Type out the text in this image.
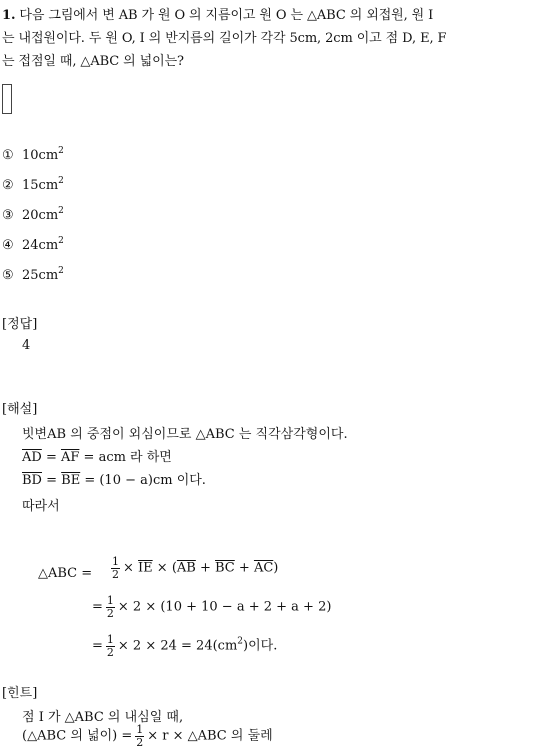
1. 다음 그림에서 변 AB 가 원 O 의 지름이고 원 O 는 △ABC 의 외접원, 원 I
는 내접원이다. 두 원 O, I 의 반지름의 길이가 각각 5cm, 2cm 이고 점 D, E, F
는 접점일 때, △ABC 의 넓이는?
① $10cm^2$
② $15cm^2$
③ $20cm^2$
④ $24cm^2$
⑤ $25cm^2$
[정답]
4
[해설]
빗변AB 의 중점이 외심이므로 △ABC 는 직각삼각형이다.
$\overline{AD} = \overline{AF}$ = acm 라 하면
$\overline{BD} = \overline{BE} = (10 - a)cm$ 이다.
따라서
△ABC = $\frac{1}{2} \times \overline{IE} \times (\overline{AB} + \overline{BC} + \overline{AC})$
= $\frac{1}{2} \times 2 \times (10 + 10 - a + 2 + a + 2)$
= $\frac{1}{2} \times 2 \times 24 = 24(cm^2)$이다.
[힌트]
점 I 가 △ABC 의 내심일 때,
(△ABC 의 넓이) = $\frac{1}{2} \times r$ × △ABC 의 둘레
